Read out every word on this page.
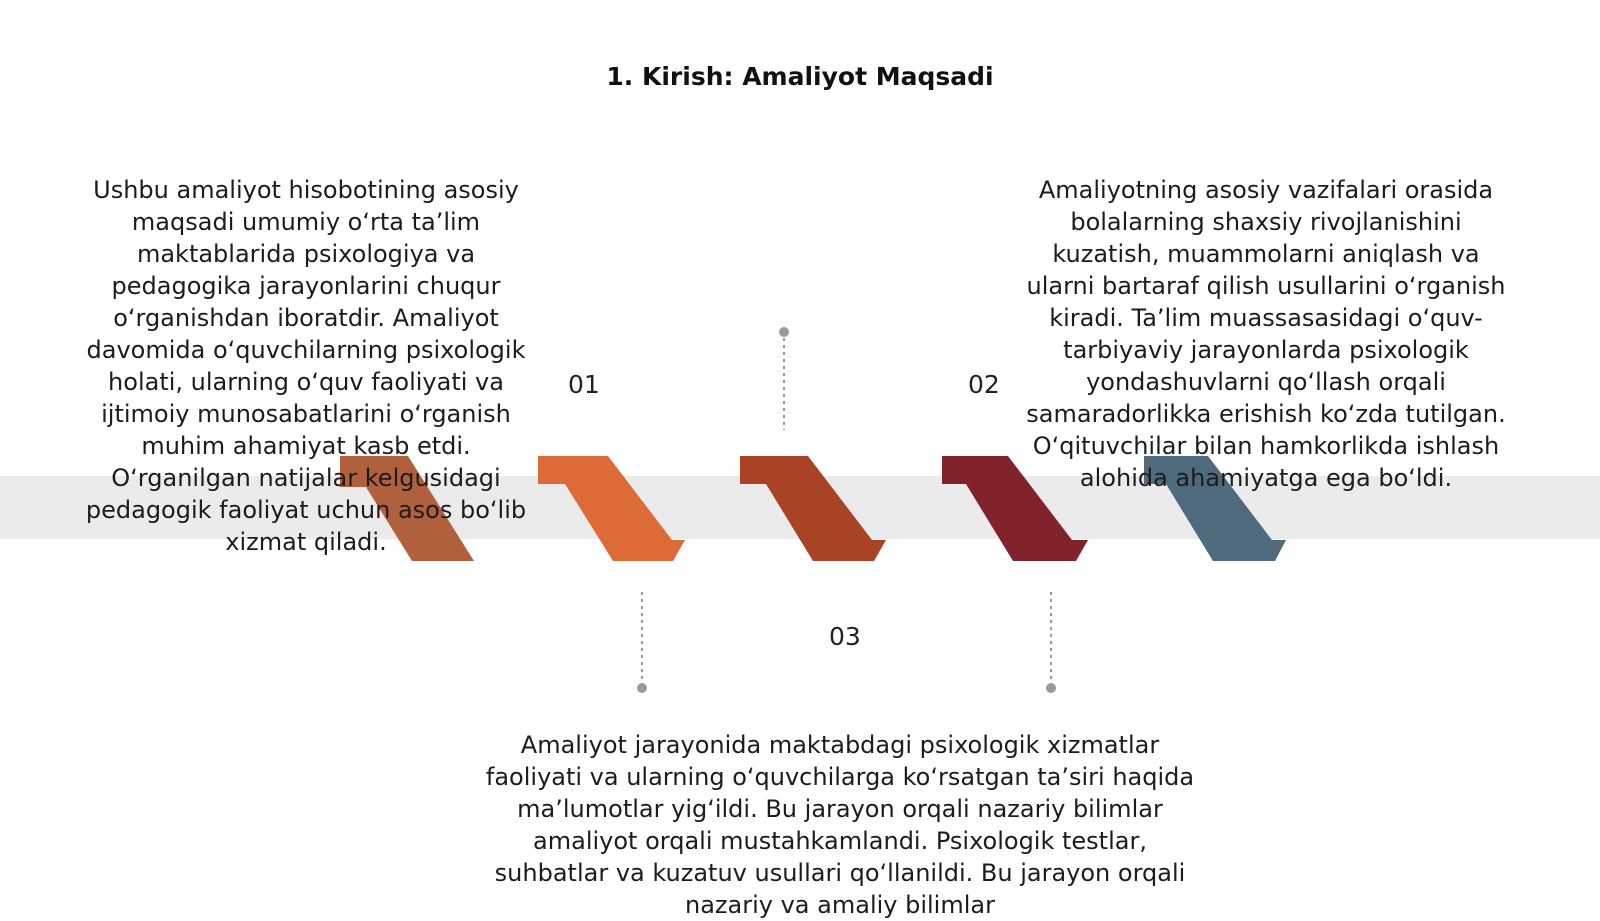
1. Kirish: Amaliyot Maqsadi
01	02
03

Ushbu amaliyot hisobotining asosiy maqsadi umumiy o‘rta ta’lim maktablarida psixologiya va pedagogika jarayonlarini chuqur o‘rganishdan iboratdir. Amaliyot davomida o‘quvchilarning psixologik holati, ularning o‘quv faoliyati va ijtimoiy munosabatlarini o‘rganish muhim ahamiyat kasb etdi. O‘rganilgan natijalar kelgusidagi pedagogik faoliyat uchun asos bo‘lib xizmat qiladi.

Amaliyotning asosiy vazifalari orasida bolalarning shaxsiy rivojlanishini kuzatish, muammolarni aniqlash va ularni bartaraf qilish usullarini o‘rganish kiradi. Ta’lim muassasasidagi o‘quv-tarbiyaviy jarayonlarda psixologik yondashuvlarni qo‘llash orqali samaradorlikka erishish ko‘zda tutilgan. O‘qituvchilar bilan hamkorlikda ishlash alohida ahamiyatga ega bo‘ldi.

Amaliyot jarayonida maktabdagi psixologik xizmatlar faoliyati va ularning o‘quvchilarga ko‘rsatgan ta’siri haqida ma’lumotlar yig‘ildi. Bu jarayon orqali nazariy bilimlar amaliyot orqali mustahkamlandi. Psixologik testlar, suhbatlar va kuzatuv usullari qo‘llanildi. Bu jarayon orqali nazariy va amaliy bilimlar
